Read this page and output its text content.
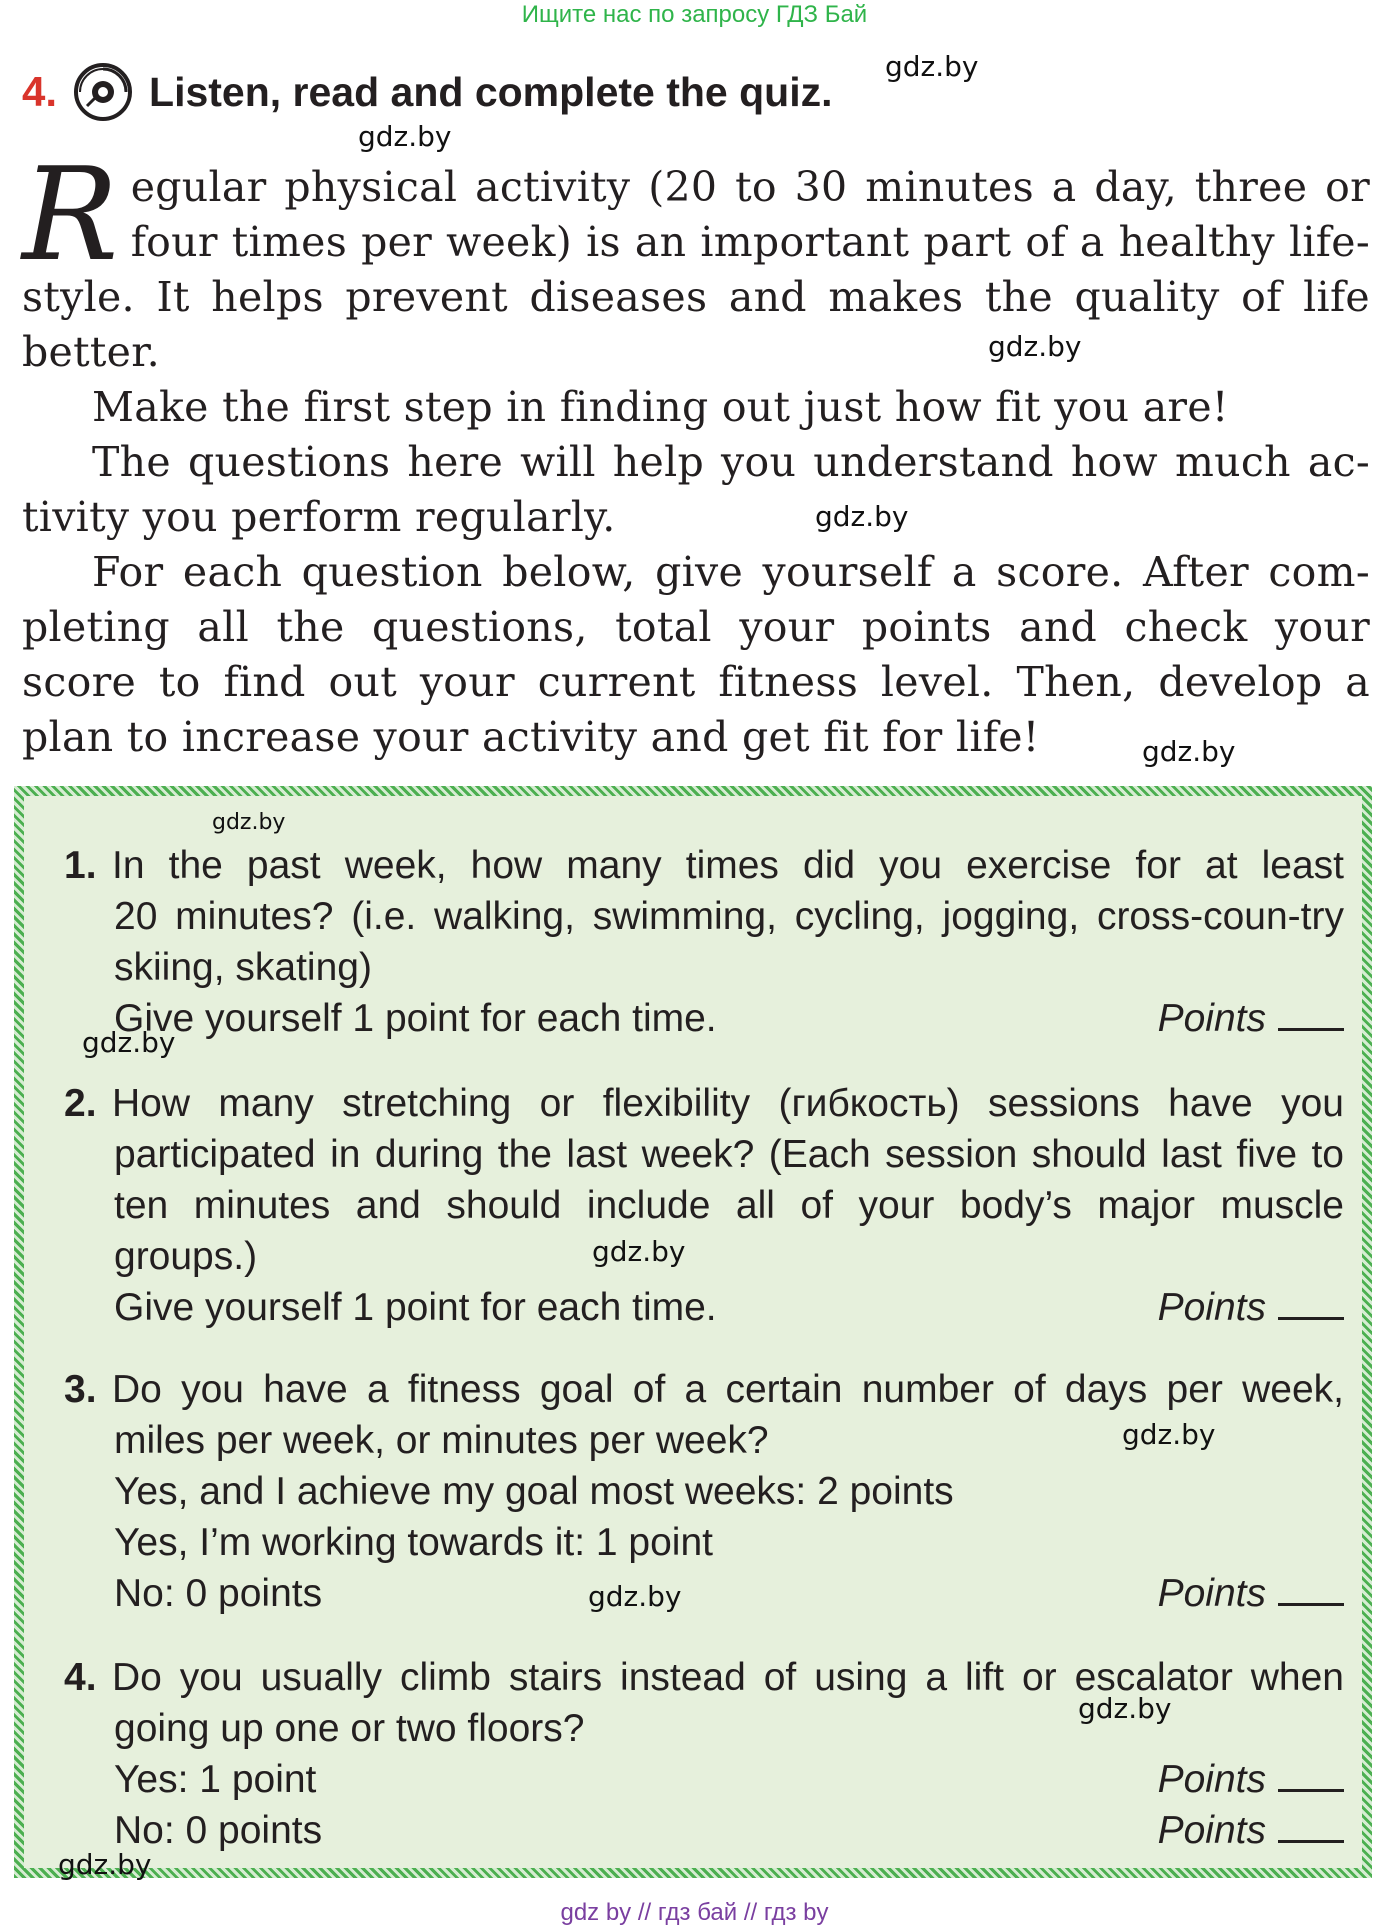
Ищите нас по запросу ГДЗ Бай
4. Listen, read and complete the quiz.
gdz.by
gdz.by

Regular physical activity (20 to 30 minutes a day, three or four times per week) is an important part of a healthy life-style. It helps prevent diseases and makes the quality of life better.

Make the first step in finding out just how fit you are!

The questions here will help you understand how much ac-tivity you perform regularly.

For each question below, give yourself a score. After com-pleting all the questions, total your points and check your score to find out your current fitness level. Then, develop a plan to increase your activity and get fit for life!

gdz.by
gdz.by
gdz.by
1. In the past week, how many times did you exercise for at least
20 minutes? (i.e. walking, swimming, cycling, jogging, cross-coun-try skiing, skating)
Give yourself 1 point for each time.	Points
2. How many stretching or flexibility (гибкость) sessions have you
participated in during the last week? (Each session should last five to ten minutes and should include all of your body’s major muscle groups.)
Give yourself 1 point for each time.	Points
3. Do you have a fitness goal of a certain number of days per week,
miles per week, or minutes per week?
Yes, and I achieve my goal most weeks: 2 points
Yes, I’m working towards it: 1 point
No: 0 points	Points
4. Do you usually climb stairs instead of using a lift or escalator when
going up one or two floors?
Yes: 1 point	Points
No: 0 points	Points
gdz.by
gdz.by
gdz.by
gdz.by
gdz.by
gdz.by
gdz.by
gdz by // гдз бай // гдз by
